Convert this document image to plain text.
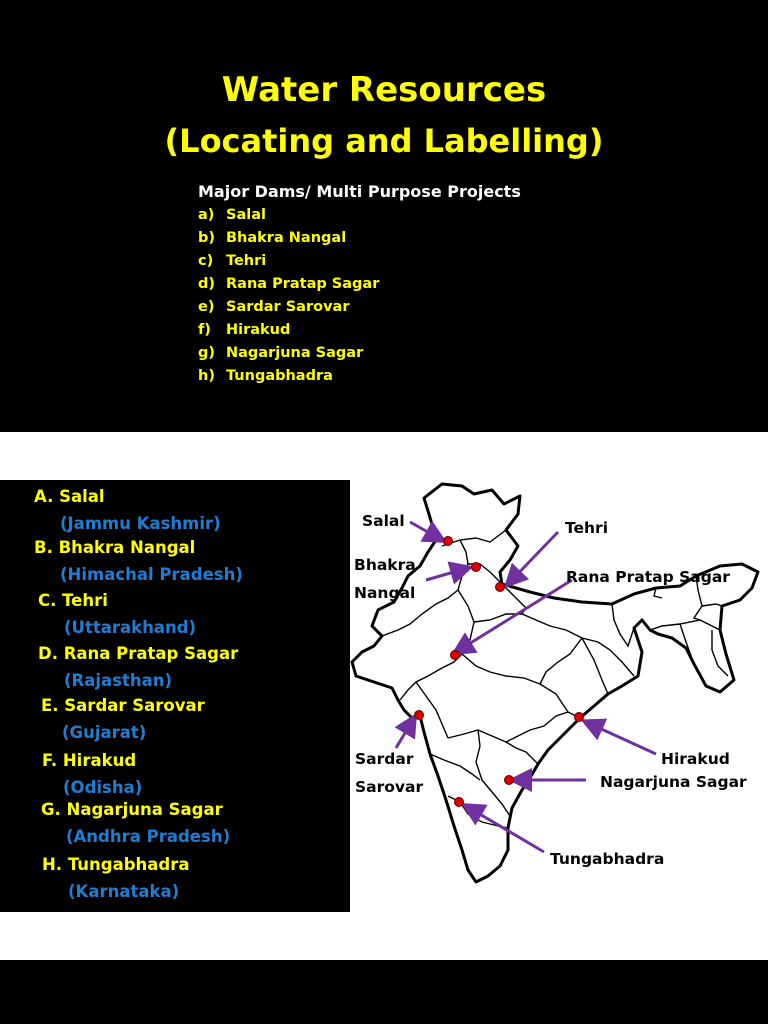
Water Resources
(Locating and Labelling)
Major Dams/ Multi Purpose Projects
a) Salal
b) Bhakra Nangal
c) Tehri
d) Rana Pratap Sagar
e) Sardar Sarovar
f) Hirakud
g) Nagarjuna Sagar
h) Tungabhadra
A. Salal
(Jammu Kashmir)
B. Bhakra Nangal
(Himachal Pradesh)
C. Tehri
(Uttarakhand)
D. Rana Pratap Sagar
(Rajasthan)
E. Sardar Sarovar
(Gujarat)
F. Hirakud
(Odisha)
G. Nagarjuna Sagar
(Andhra Pradesh)
H. Tungabhadra
(Karnataka)
Salal
Bhakra
Nangal
Tehri
Rana Pratap Sagar
Sardar
Sarovar
Hirakud
Nagarjuna Sagar
Tungabhadra
